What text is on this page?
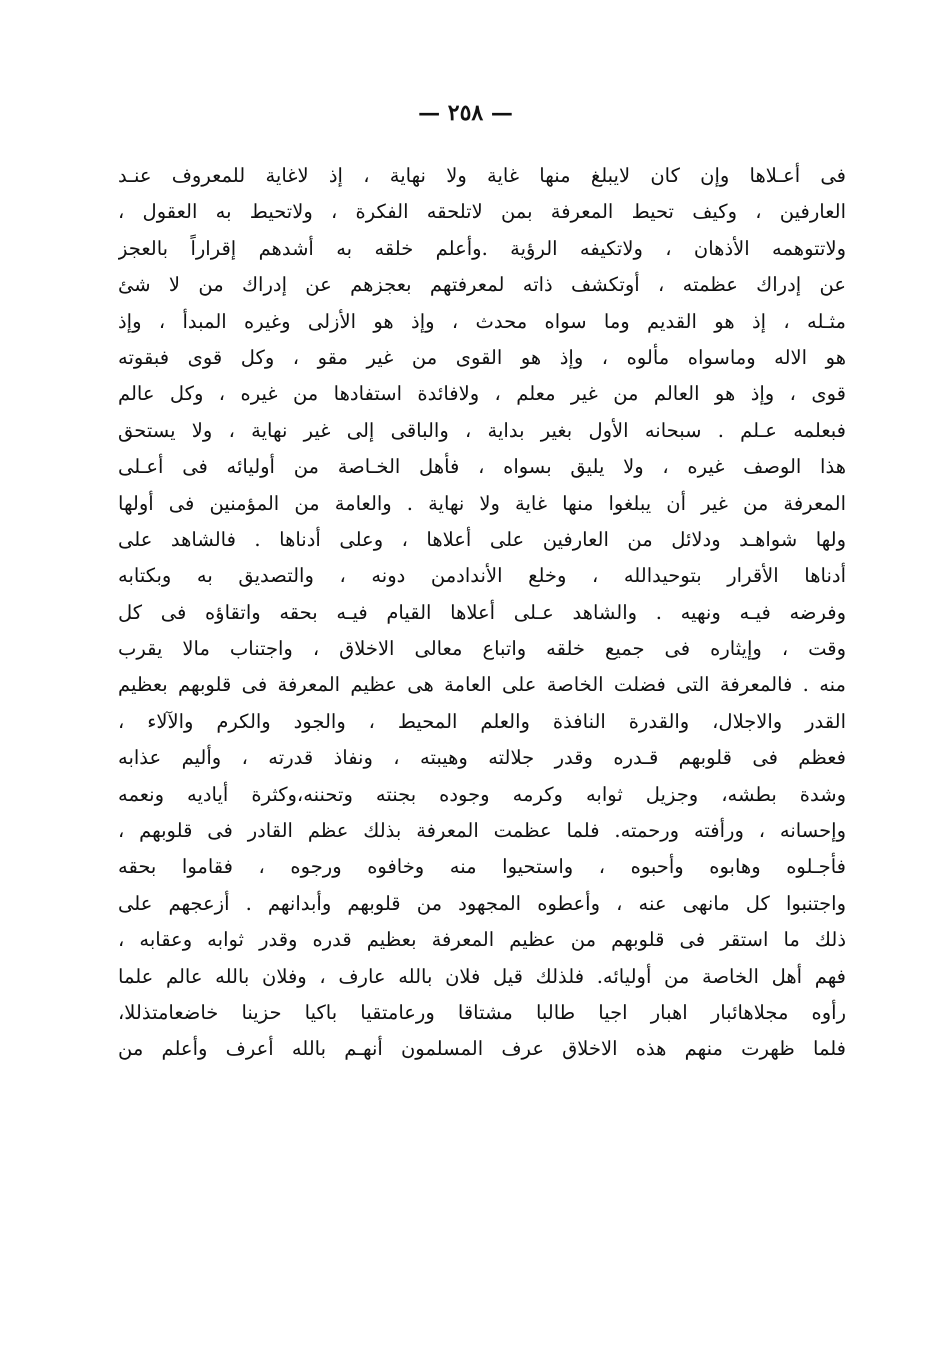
— ٢٥٨ —
فى أعـلاها وإن كان لايبلغ منها غاية ولا نهاية ، إذ لاغاية للمعروف عنـد
العارفين ، وكيف تحيط المعرفة بمن لاتلحقه الفكرة ، ولاتحيط به العقول ،
ولاتتوهمه الأذهان ، ولاتكيفه الرؤية .وأعلم خلقه به أشدهم إقراراً بالعجز
عن إدراك عظمته ، أوتكشف ذاته لمعرفتهم بعجزهم عن إدراك من لا شئ
مثـله ، إذ هو القديم وما سواه محدث ، وإذ هو الأزلى وغيره المبدأ ، وإذ
هو الاله وماسواه مألوه ، وإذ هو القوى من غير مقو ، وكل قوى فبقوته
قوى ، وإذ هو العالم من غير معلم ، ولافائدة استفادها من غيره ، وكل عالم
فبعلمه عـلم . سبحانه الأول بغير بداية ، والباقى إلى غير نهاية ، ولا يستحق
هذا الوصف غيره ، ولا يليق بسواه ، فأهل الخـاصة من أوليائه فى أعـلى
المعرفة من غير أن يبلغوا منها غاية ولا نهاية . والعامة من المؤمنين فى أولها
ولها شواهـد ودلائل من العارفين على أعلاها ، وعلى أدناها . فالشاهد على
أدناها الأقرار بتوحيدالله ، وخلع الأندادمن دونه ، والتصديق به وبكتابه
وفرضه فيـه ونهيه . والشاهد عـلى أعلاها القيام فيـه بحقه واتقاؤه فى كل
وقت ، وإيثاره فى جميع خلقه واتباع معالى الاخلاق ، واجتناب مالا يقرب
منه . فالمعرفة التى فضلت الخاصة على العامة هى عظيم المعرفة فى قلوبهم بعظيم
القدر والاجلال، والقدرة النافذة والعلم المحيط ، والجود والكرم والآلاء ،
فعظم فى قلوبهم قـدره وقدر جلالته وهيبته ، ونفاذ قدرته ، وأليم عذابه
وشدة بطشه، وجزيل ثوابه وكرمه وجوده بجنته وتحننه،وكثرة أياديه ونعمه
وإحسانه ، ورأفته ورحمته. فلما عظمت المعرفة بذلك عظم القادر فى قلوبهم ،
فأجـلوه وهابوه وأحبوه ، واستحيوا منه وخافوه ورجوه ، فقاموا بحقه
واجتنبوا كل مانهى عنه ، وأعطوه المجهود من قلوبهم وأبدانهم . أزعجهم على
ذلك ما استقر فى قلوبهم من عظيم المعرفة بعظيم قدره وقدر ثوابه وعقابه ،
فهم أهل الخاصة من أوليائه. فلذلك قيل فلان بالله عارف ، وفلان بالله عالم علما
رأوه مجلاهائبار اهبار اجيا طالبا مشتاقا ورعامتقيا باكيا حزينا خاضعامتذللا،
فلما ظهرت منهم هذه الاخلاق عرف المسلمون أنهـم بالله أعرف وأعلم من
